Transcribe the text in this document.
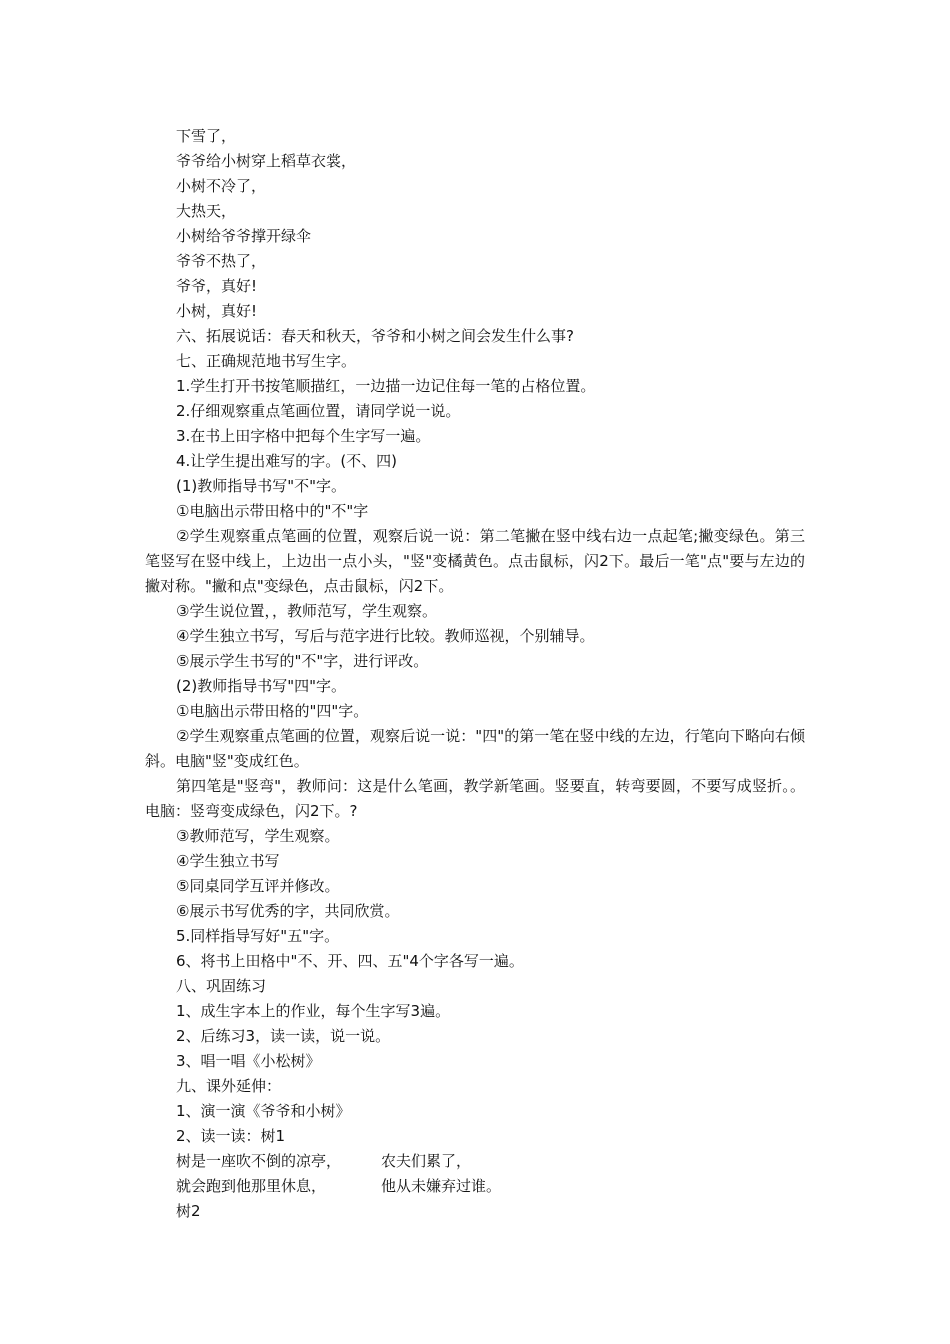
下雪了，
爷爷给小树穿上稻草衣裳，
小树不冷了，
大热天，
小树给爷爷撑开绿伞
爷爷不热了，
爷爷，真好!
小树，真好!
六、拓展说话：春天和秋天，爷爷和小树之间会发生什么事?
七、正确规范地书写生字。
1.学生打开书按笔顺描红，一边描一边记住每一笔的占格位置。
2.仔细观察重点笔画位置，请同学说一说。
3.在书上田字格中把每个生字写一遍。
4.让学生提出难写的字。(不、四)
(1)教师指导书写"不"字。
①电脑出示带田格中的"不"字

②学生观察重点笔画的位置，观察后说一说：第二笔撇在竖中线右边一点起笔;撇变绿色。第三笔竖写在竖中线上，上边出一点小头，"竖"变橘黄色。点击鼠标，闪2下。最后一笔"点"要与左边的撇对称。"撇和点"变绿色，点击鼠标，闪2下。

③学生说位置，，教师范写，学生观察。
④学生独立书写，写后与范字进行比较。教师巡视，个别辅导。
⑤展示学生书写的"不"字，进行评改。
(2)教师指导书写"四"字。
①电脑出示带田格的"四"字。

②学生观察重点笔画的位置，观察后说一说："四"的第一笔在竖中线的左边，行笔向下略向右倾斜。电脑"竖"变成红色。

第四笔是"竖弯"，教师问：这是什么笔画，教学新笔画。竖要直，转弯要圆，不要写成竖折。。电脑：竖弯变成绿色，闪2下。?

③教师范写，学生观察。
④学生独立书写
⑤同桌同学互评并修改。
⑥展示书写优秀的字，共同欣赏。
5.同样指导写好"五"字。
6、将书上田格中"不、开、四、五"4个字各写一遍。
八、巩固练习
1、成生字本上的作业，每个生字写3遍。
2、后练习3，读一读，说一说。
3、唱一唱《小松树》
九、课外延伸：
1、演一演《爷爷和小树》
2、读一读：树1
树是一座吹不倒的凉亭，	农夫们累了，
就会跑到他那里休息，	他从未嫌弃过谁。
树2
